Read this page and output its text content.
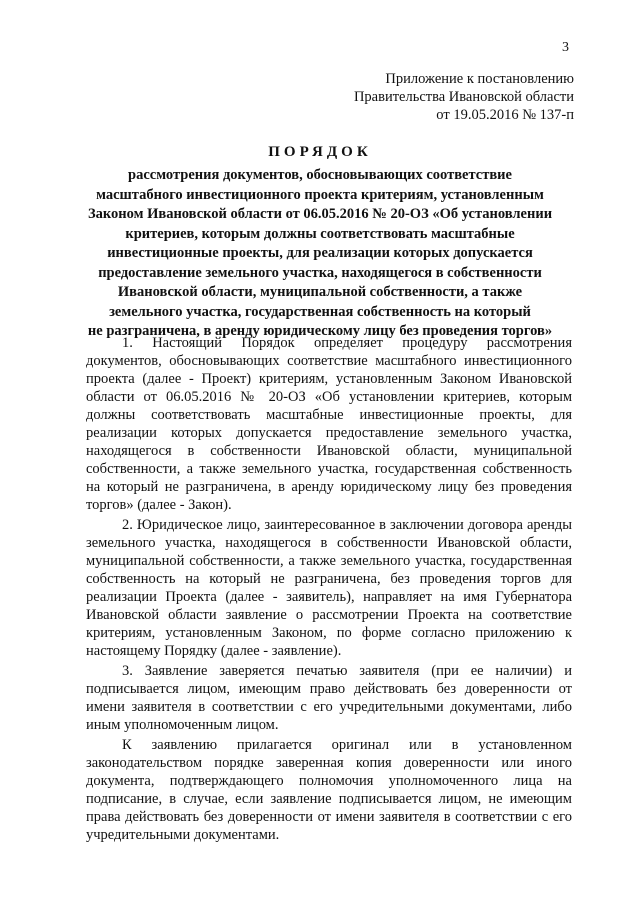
3
Приложение к постановлению
Правительства Ивановской области
от 19.05.2016 № 137-п
ПОРЯДОК
рассмотрения документов, обосновывающих соответствие
масштабного инвестиционного проекта критериям, установленным
Законом Ивановской области от 06.05.2016 № 20-ОЗ «Об установлении
критериев, которым должны соответствовать масштабные
инвестиционные проекты, для реализации которых допускается
предоставление земельного участка, находящегося в собственности
Ивановской области, муниципальной собственности, а также
земельного участка, государственная собственность на который
не разграничена, в аренду юридическому лицу без проведения торгов»

1. Настоящий Порядок определяет процедуру рассмотрения документов, обосновывающих соответствие масштабного инвестиционного проекта (далее - Проект) критериям, установленным Законом Ивановской области от 06.05.2016 № 20-ОЗ «Об установлении критериев, которым должны соответствовать масштабные инвестиционные проекты, для реализации которых допускается предоставление земельного участка, находящегося в собственности Ивановской области, муниципальной собственности, а также земельного участка, государственная собственность на который не разграничена, в аренду юридическому лицу без проведения торгов» (далее - Закон).

2. Юридическое лицо, заинтересованное в заключении договора аренды земельного участка, находящегося в собственности Ивановской области, муниципальной собственности, а также земельного участка, государственная собственность на который не разграничена, без проведения торгов для реализации Проекта (далее - заявитель), направляет на имя Губернатора Ивановской области заявление о рассмотрении Проекта на соответствие критериям, установленным Законом, по форме согласно приложению к настоящему Порядку (далее - заявление).

3. Заявление заверяется печатью заявителя (при ее наличии) и подписывается лицом, имеющим право действовать без доверенности от имени заявителя в соответствии с его учредительными документами, либо иным уполномоченным лицом.

К заявлению прилагается оригинал или в установленном законодательством порядке заверенная копия доверенности или иного документа, подтверждающего полномочия уполномоченного лица на подписание, в случае, если заявление подписывается лицом, не имеющим права действовать без доверенности от имени заявителя в соответствии с его учредительными документами.
